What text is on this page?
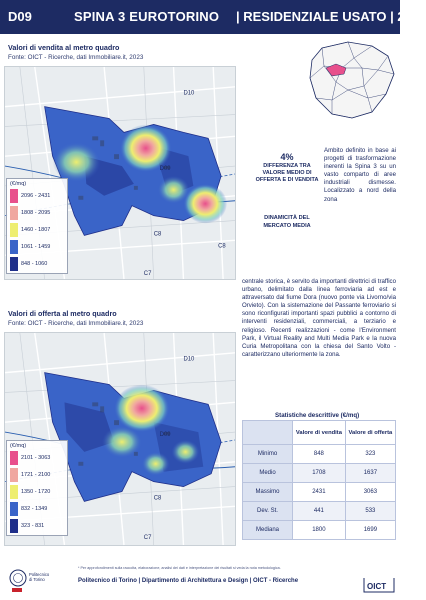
D09	SPINA 3 EUROTORINO | RESIDENZIALE USATO | 2023
Valori di vendita al metro quadro
Fonte: OICT - Ricerche, dati Immobiliare.it, 2023
D10
D09
C8
C8
C7
(€/mq)
2096 - 2431
1808 - 2095
1460 - 1807
1061 - 1459
848 - 1060
Valori di offerta al metro quadro
Fonte: OICT - Ricerche, dati Immobiliare.it, 2023
D10
D09
C8
C7
(€/mq)
2101 - 3063
1721 - 2100
1350 - 1720
832 - 1349
323 - 831
4%
DIFFERENZA TRA VALORE MEDIO DI OFFERTA E DI VENDITA
DINAMICITÀ DEL MERCATO MEDIA
Ambito definito in base ai progetti di trasformazione inerenti la Spina 3 su un vasto comparto di aree industriali dismesse. Localizzato a nord della zona
centrale storica, è servito da importanti direttrici di traffico urbano, delimitato dalla linea ferroviaria ad est e attraversato dal fiume Dora (nuovo ponte via Livorno/via Orvieto). Con la sistemazione del Passante ferroviario si sono riconfigurati importanti spazi pubblici a contorno di interventi residenziali, commerciali, a terziario e religioso. Recenti realizzazioni - come l'Environment Park, il Virtual Reality and Multi Media Park e la nuova Curia Metropolitana con la chiesa del Santo Volto - caratterizzano ulteriormente la zona.
Statistiche descrittive (€/mq)
	Valore di vendita	Valore di offerta
Minimo	848	323
Medio	1708	1637
Massimo	2431	3063
Dev. St.	441	533
Mediana	1800	1699
* Per approfondimenti sulla raccolta, elaborazione, analisi dei dati e interpretazione dei risultati si veda la nota metodologica.
Politecnico
di Torino	Politecnico di Torino | Dipartimento di Architettura e Design | OICT - Ricerche
OICT
